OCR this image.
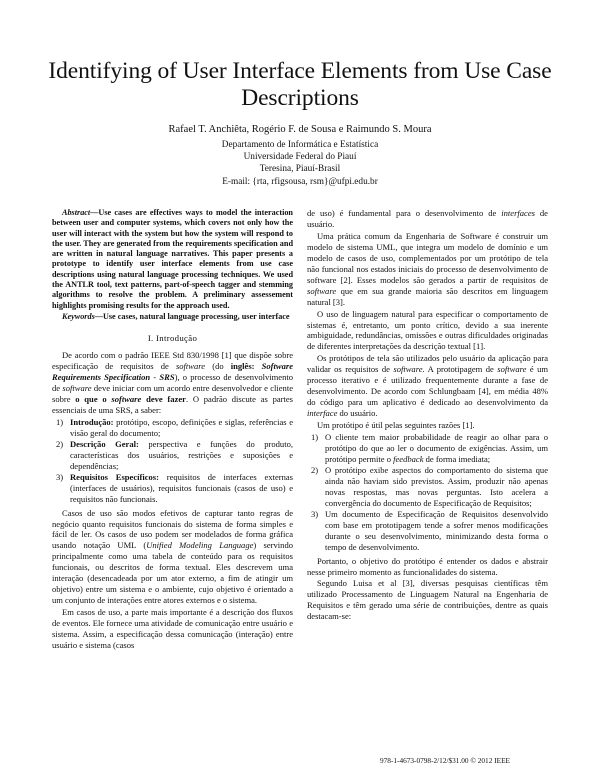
Identifying of User Interface Elements from Use Case Descriptions
Rafael T. Anchiêta, Rogério F. de Sousa e Raimundo S. Moura
Departamento de Informática e Estatística
Universidade Federal do Piauí
Teresina, Piauí-Brasil
E-mail: {rta, rfigsousa, rsm}@ufpi.edu.br

Abstract—Use cases are effectives ways to model the interaction between user and computer systems, which covers not only how the user will interact with the system but how the system will respond to the user. They are generated from the requirements specification and are written in natural language narratives. This paper presents a prototype to identify user interface elements from use case descriptions using natural language processing techniques. We used the ANTLR tool, text patterns, part-of-speech tagger and stemming algorithms to resolve the problem. A preliminary assessement highlights promising results for the approach used.

Keywords—Use cases, natural language processing, user interface

I. Introdução

De acordo com o padrão IEEE Std 830/1998 [1] que dispõe sobre especificação de requisitos de software (do inglês: Software Requirements Specification - SRS), o processo de desenvolvimento de software deve iniciar com um acordo entre desenvolvedor e cliente sobre o que o software deve fazer. O padrão discute as partes essenciais de uma SRS, a saber:

1) Introdução: protótipo, escopo, definições e siglas, referências e visão geral do documento;
2) Descrição Geral: perspectiva e funções do produto, características dos usuários, restrições e suposições e dependências;
3) Requisitos Específicos: requisitos de interfaces externas (interfaces de usuários), requisitos funcionais (casos de uso) e requisitos não funcionais.

Casos de uso são modos efetivos de capturar tanto regras de negócio quanto requisitos funcionais do sistema de forma simples e fácil de ler. Os casos de uso podem ser modelados de forma gráfica usando notação UML (Unified Modeling Language) servindo principalmente como uma tabela de conteúdo para os requisitos funcionais, ou descritos de forma textual. Eles descrevem uma interação (desencadeada por um ator externo, a fim de atingir um objetivo) entre um sistema e o ambiente, cujo objetivo é orientado a um conjunto de interações entre atores externos e o sistema.

Em casos de uso, a parte mais importante é a descrição dos fluxos de eventos. Ele fornece uma atividade de comunicação entre usuário e sistema. Assim, a especificação dessa comunicação (interação) entre usuário e sistema (casos

de uso) é fundamental para o desenvolvimento de interfaces de usuário.

Uma prática comum da Engenharia de Software é construir um modelo de sistema UML, que integra um modelo de domínio e um modelo de casos de uso, complementados por um protótipo de tela não funcional nos estados iniciais do processo de desenvolvimento de software [2]. Esses modelos são gerados a partir de requisitos de software que em sua grande maioria são descritos em linguagem natural [3].

O uso de linguagem natural para especificar o comportamento de sistemas é, entretanto, um ponto crítico, devido a sua inerente ambiguidade, redundâncias, omissões e outras dificuldades originadas de diferentes interpretações da descrição textual [1].

Os protótipos de tela são utilizados pelo usuário da aplicação para validar os requisitos de software. A prototipagem de software é um processo iterativo e é utilizado frequentemente durante a fase de desenvolvimento. De acordo com Schlungbaam [4], em média 48% do código para um aplicativo é dedicado ao desenvolvimento da interface do usuário.

Um protótipo é útil pelas seguintes razões [1].

1) O cliente tem maior probabilidade de reagir ao olhar para o protótipo do que ao ler o documento de exigências. Assim, um protótipo permite o feedback de forma imediata;
2) O protótipo exibe aspectos do comportamento do sistema que ainda não haviam sido previstos. Assim, produzir não apenas novas respostas, mas novas perguntas. Isto acelera a convergência do documento de Especificação de Requisitos;
3) Um documento de Especificação de Requisitos desenvolvido com base em prototipagem tende a sofrer menos modificações durante o seu desenvolvimento, minimizando desta forma o tempo de desenvolvimento.

Portanto, o objetivo do protótipo é entender os dados e abstrair nesse primeiro momento as funcionalidades do sistema.

Segundo Luisa et al [3], diversas pesquisas científicas têm utilizado Processamento de Linguagem Natural na Engenharia de Requisitos e têm gerado uma série de contribuições, dentre as quais destacam-se:

978-1-4673-0798-2/12/$31.00 © 2012 IEEE
